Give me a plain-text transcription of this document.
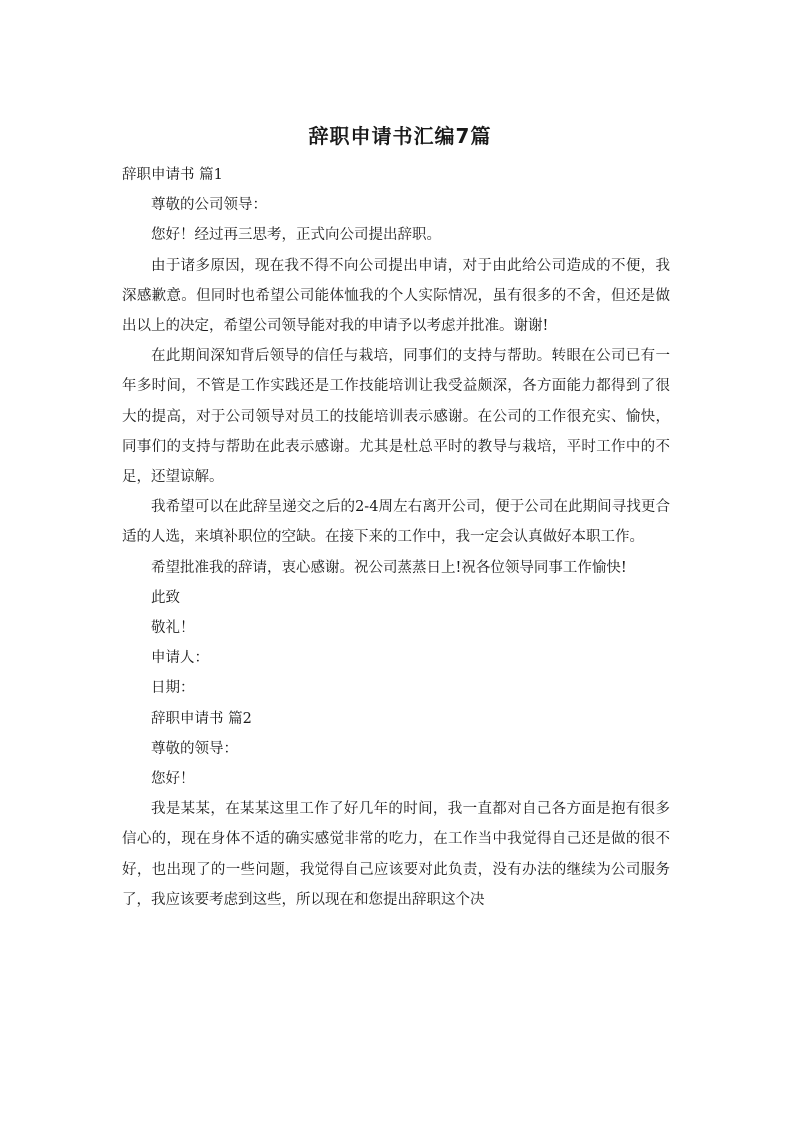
辞职申请书汇编7篇

辞职申请书 篇1

尊敬的公司领导：

您好！经过再三思考，正式向公司提出辞职。

由于诸多原因，现在我不得不向公司提出申请，对于由此给公司造成的不便，我深感歉意。但同时也希望公司能体恤我的个人实际情况，虽有很多的不舍，但还是做出以上的决定，希望公司领导能对我的申请予以考虑并批准。谢谢!

在此期间深知背后领导的信任与栽培，同事们的支持与帮助。转眼在公司已有一年多时间，不管是工作实践还是工作技能培训让我受益颇深，各方面能力都得到了很大的提高，对于公司领导对员工的技能培训表示感谢。在公司的工作很充实、愉快，同事们的支持与帮助在此表示感谢。尤其是杜总平时的教导与栽培，平时工作中的不足，还望谅解。

我希望可以在此辞呈递交之后的2-4周左右离开公司，便于公司在此期间寻找更合适的人选，来填补职位的空缺。在接下来的工作中，我一定会认真做好本职工作。

希望批准我的辞请，衷心感谢。祝公司蒸蒸日上!祝各位领导同事工作愉快!

此致

敬礼！

申请人：

日期：

辞职申请书 篇2

尊敬的领导：

您好！

我是某某，在某某这里工作了好几年的时间，我一直都对自己各方面是抱有很多信心的，现在身体不适的确实感觉非常的吃力，在工作当中我觉得自己还是做的很不好，也出现了的一些问题，我觉得自己应该要对此负责，没有办法的继续为公司服务了，我应该要考虑到这些，所以现在和您提出辞职这个决
